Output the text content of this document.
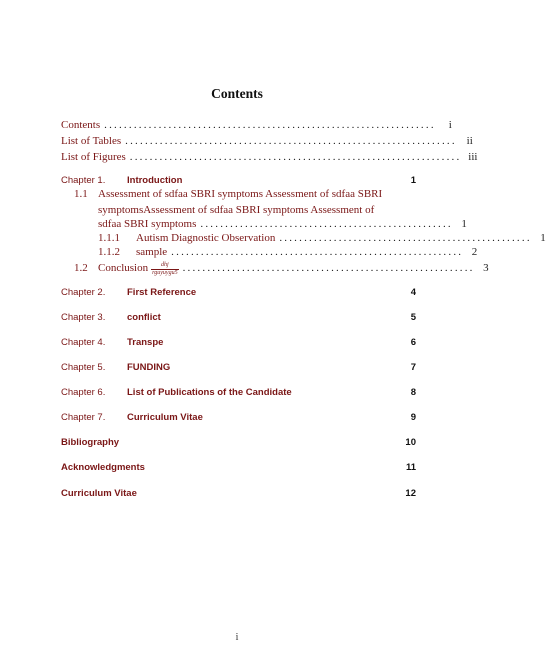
Contents
Contents ...................................................................	i
List of Tables ................................................................... ii
List of Figures ................................................................... iii
Chapter 1. Introduction	1
1.1 Assessment of sdfaa SBRI symptoms Assessment of sdfaa SBRI
symptomsAssessment of sdfaa SBRI symptoms Assessment of
sdfaa SBRI symptoms ................................................... 1
1.1.1 Autism Diagnostic Observation ................................................... 1
1.1.2 sample ........................................................... 2
1.2 Conclusion $\frac{\text{dhj}}{\text{rguyuygu5}}$ ........................................................... 3
Chapter 2. First Reference	4
Chapter 3. conflict	5
Chapter 4. Transpe	6
Chapter 5. FUNDING	7
Chapter 6. List of Publications of the Candidate	8
Chapter 7. Curriculum Vitae	9
Bibliography	10
Acknowledgments	11
Curriculum Vitae	12
i
